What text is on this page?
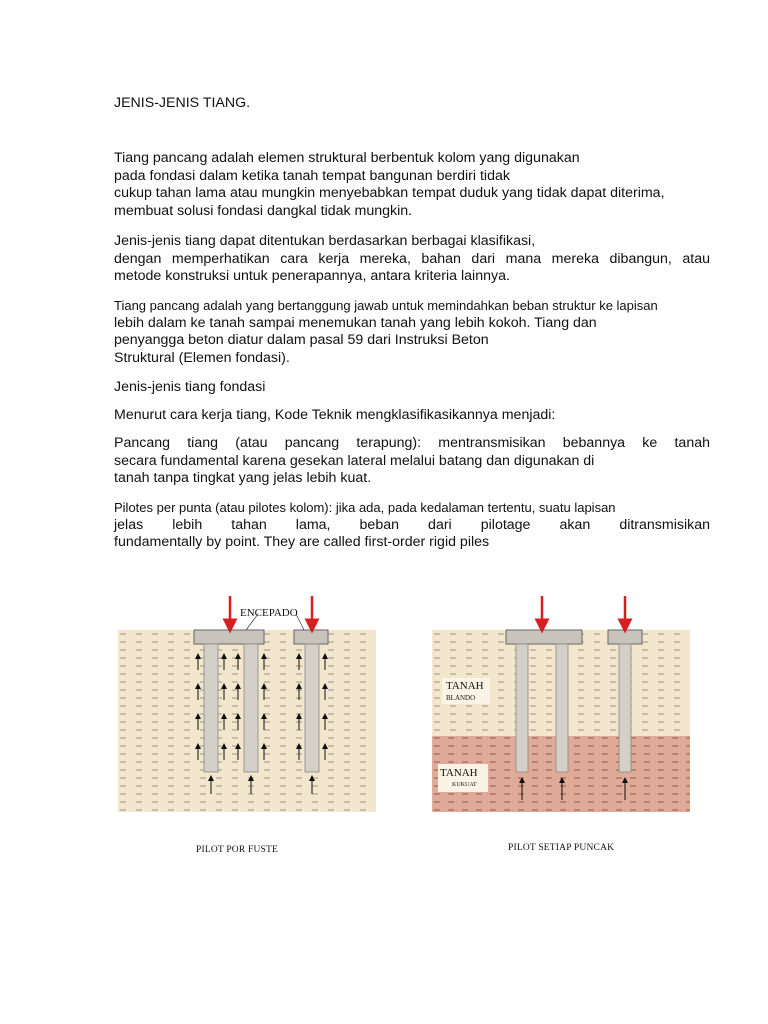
JENIS-JENIS TIANG.
Tiang pancang adalah elemen struktural berbentuk kolom yang digunakan
pada fondasi dalam ketika tanah tempat bangunan berdiri tidak
cukup tahan lama atau mungkin menyebabkan tempat duduk yang tidak dapat diterima,
membuat solusi fondasi dangkal tidak mungkin.
Jenis-jenis tiang dapat ditentukan berdasarkan berbagai klasifikasi,
dengan memperhatikan cara kerja mereka, bahan dari mana mereka dibangun, atau
metode konstruksi untuk penerapannya, antara kriteria lainnya.
Tiang pancang adalah yang bertanggung jawab untuk memindahkan beban struktur ke lapisan
lebih dalam ke tanah sampai menemukan tanah yang lebih kokoh. Tiang dan
penyangga beton diatur dalam pasal 59 dari Instruksi Beton
Struktural (Elemen fondasi).
Jenis-jenis tiang fondasi
Menurut cara kerja tiang, Kode Teknik mengklasifikasikannya menjadi:
Pancang tiang (atau pancang terapung): mentransmisikan bebannya ke tanah
secara fundamental karena gesekan lateral melalui batang dan digunakan di
tanah tanpa tingkat yang jelas lebih kuat.
Pilotes per punta (atau pilotes kolom): jika ada, pada kedalaman tertentu, suatu lapisan
jelas lebih tahan lama, beban dari pilotage akan ditransmisikan
fundamentally by point. They are called first-order rigid piles
ENCEPADO
TANAH
BLANDO
TANAH
KUKUAT
PILOT POR FUSTE	PILOT SETIAP PUNCAK
